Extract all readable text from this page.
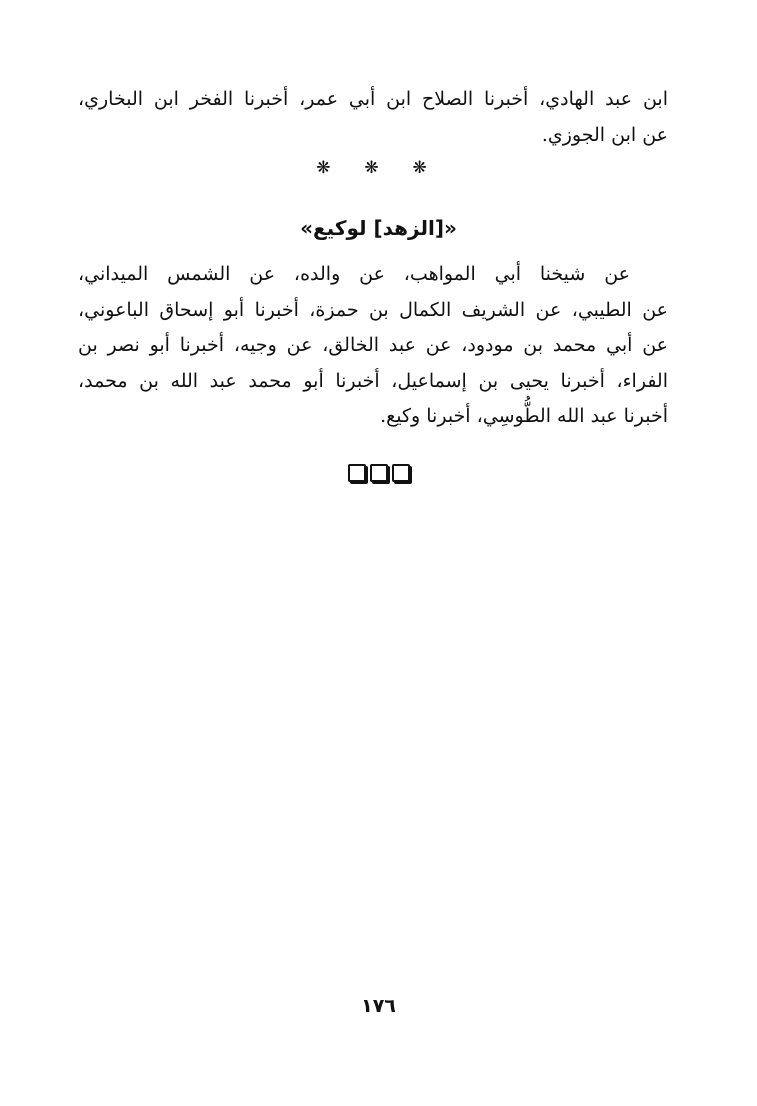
ابن عبد الهادي، أخبرنا الصلاح ابن أبي عمر، أخبرنا الفخر ابن البخاري،
عن ابن الجوزي.
❋ ❋ ❋
«[الزهد] لوكيع»
عن شيخنا أبي المواهب، عن والده، عن الشمس الميداني،
عن الطيبي، عن الشريف الكمال بن حمزة، أخبرنا أبو إسحاق الباعوني،
عن أبي محمد بن مودود، عن عبد الخالق، عن وجيه، أخبرنا أبو نصر بن
الفراء، أخبرنا يحيى بن إسماعيل، أخبرنا أبو محمد عبد الله بن محمد،
أخبرنا عبد الله الطُّوسِي، أخبرنا وكيع.
١٧٦
